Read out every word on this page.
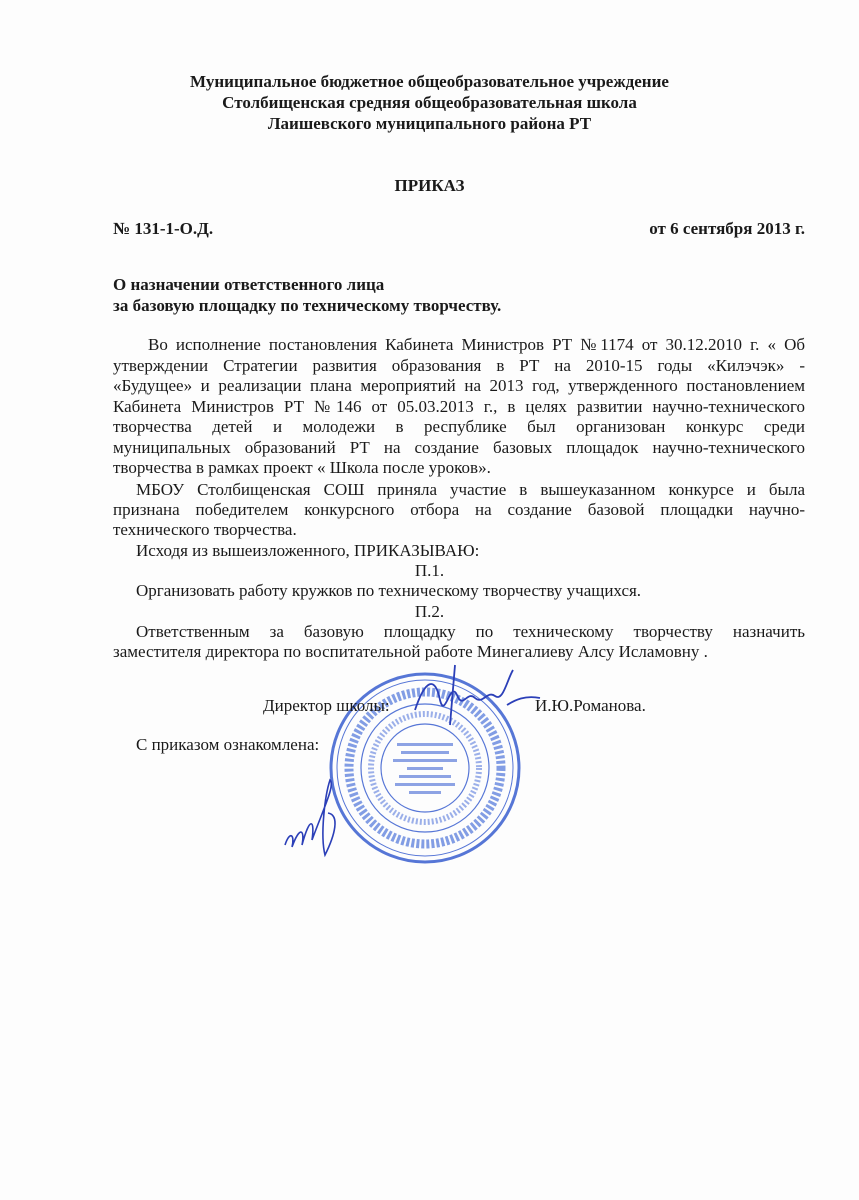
Муниципальное бюджетное общеобразовательное учреждение
Столбищенская средняя общеобразовательная школа
Лаишевского муниципального района РТ
ПРИКАЗ
№ 131-1-О.Д.	от 6 сентября 2013 г.
О назначении ответственного лица
за базовую площадку по техническому творчеству.
Во исполнение постановления Кабинета Министров РТ №1174 от 30.12.2010 г. « Об
утверждении Стратегии развития образования в РТ на 2010-15 годы «Килэчэк» -
«Будущее» и реализации плана мероприятий на 2013 год, утвержденного постановлением
Кабинета Министров РТ №146 от 05.03.2013 г., в целях развитии научно-технического
творчества детей и молодежи в республике был организован конкурс среди
муниципальных образований РТ на создание базовых площадок научно-технического
творчества в рамках проект « Школа после уроков».
МБОУ Столбищенская СОШ приняла участие в вышеуказанном конкурсе и была
признана победителем конкурсного отбора на создание базовой площадки научно-
технического творчества.
Исходя из вышеизложенного, ПРИКАЗЫВАЮ:
П.1.
Организовать работу кружков по техническому творчеству учащихся.
П.2.
Ответственным за базовую площадку по техническому творчеству назначить
заместителя директора по воспитательной работе Минегалиеву Алсу Исламовну .
Директор школы:	И.Ю.Романова.
С приказом ознакомлена:
